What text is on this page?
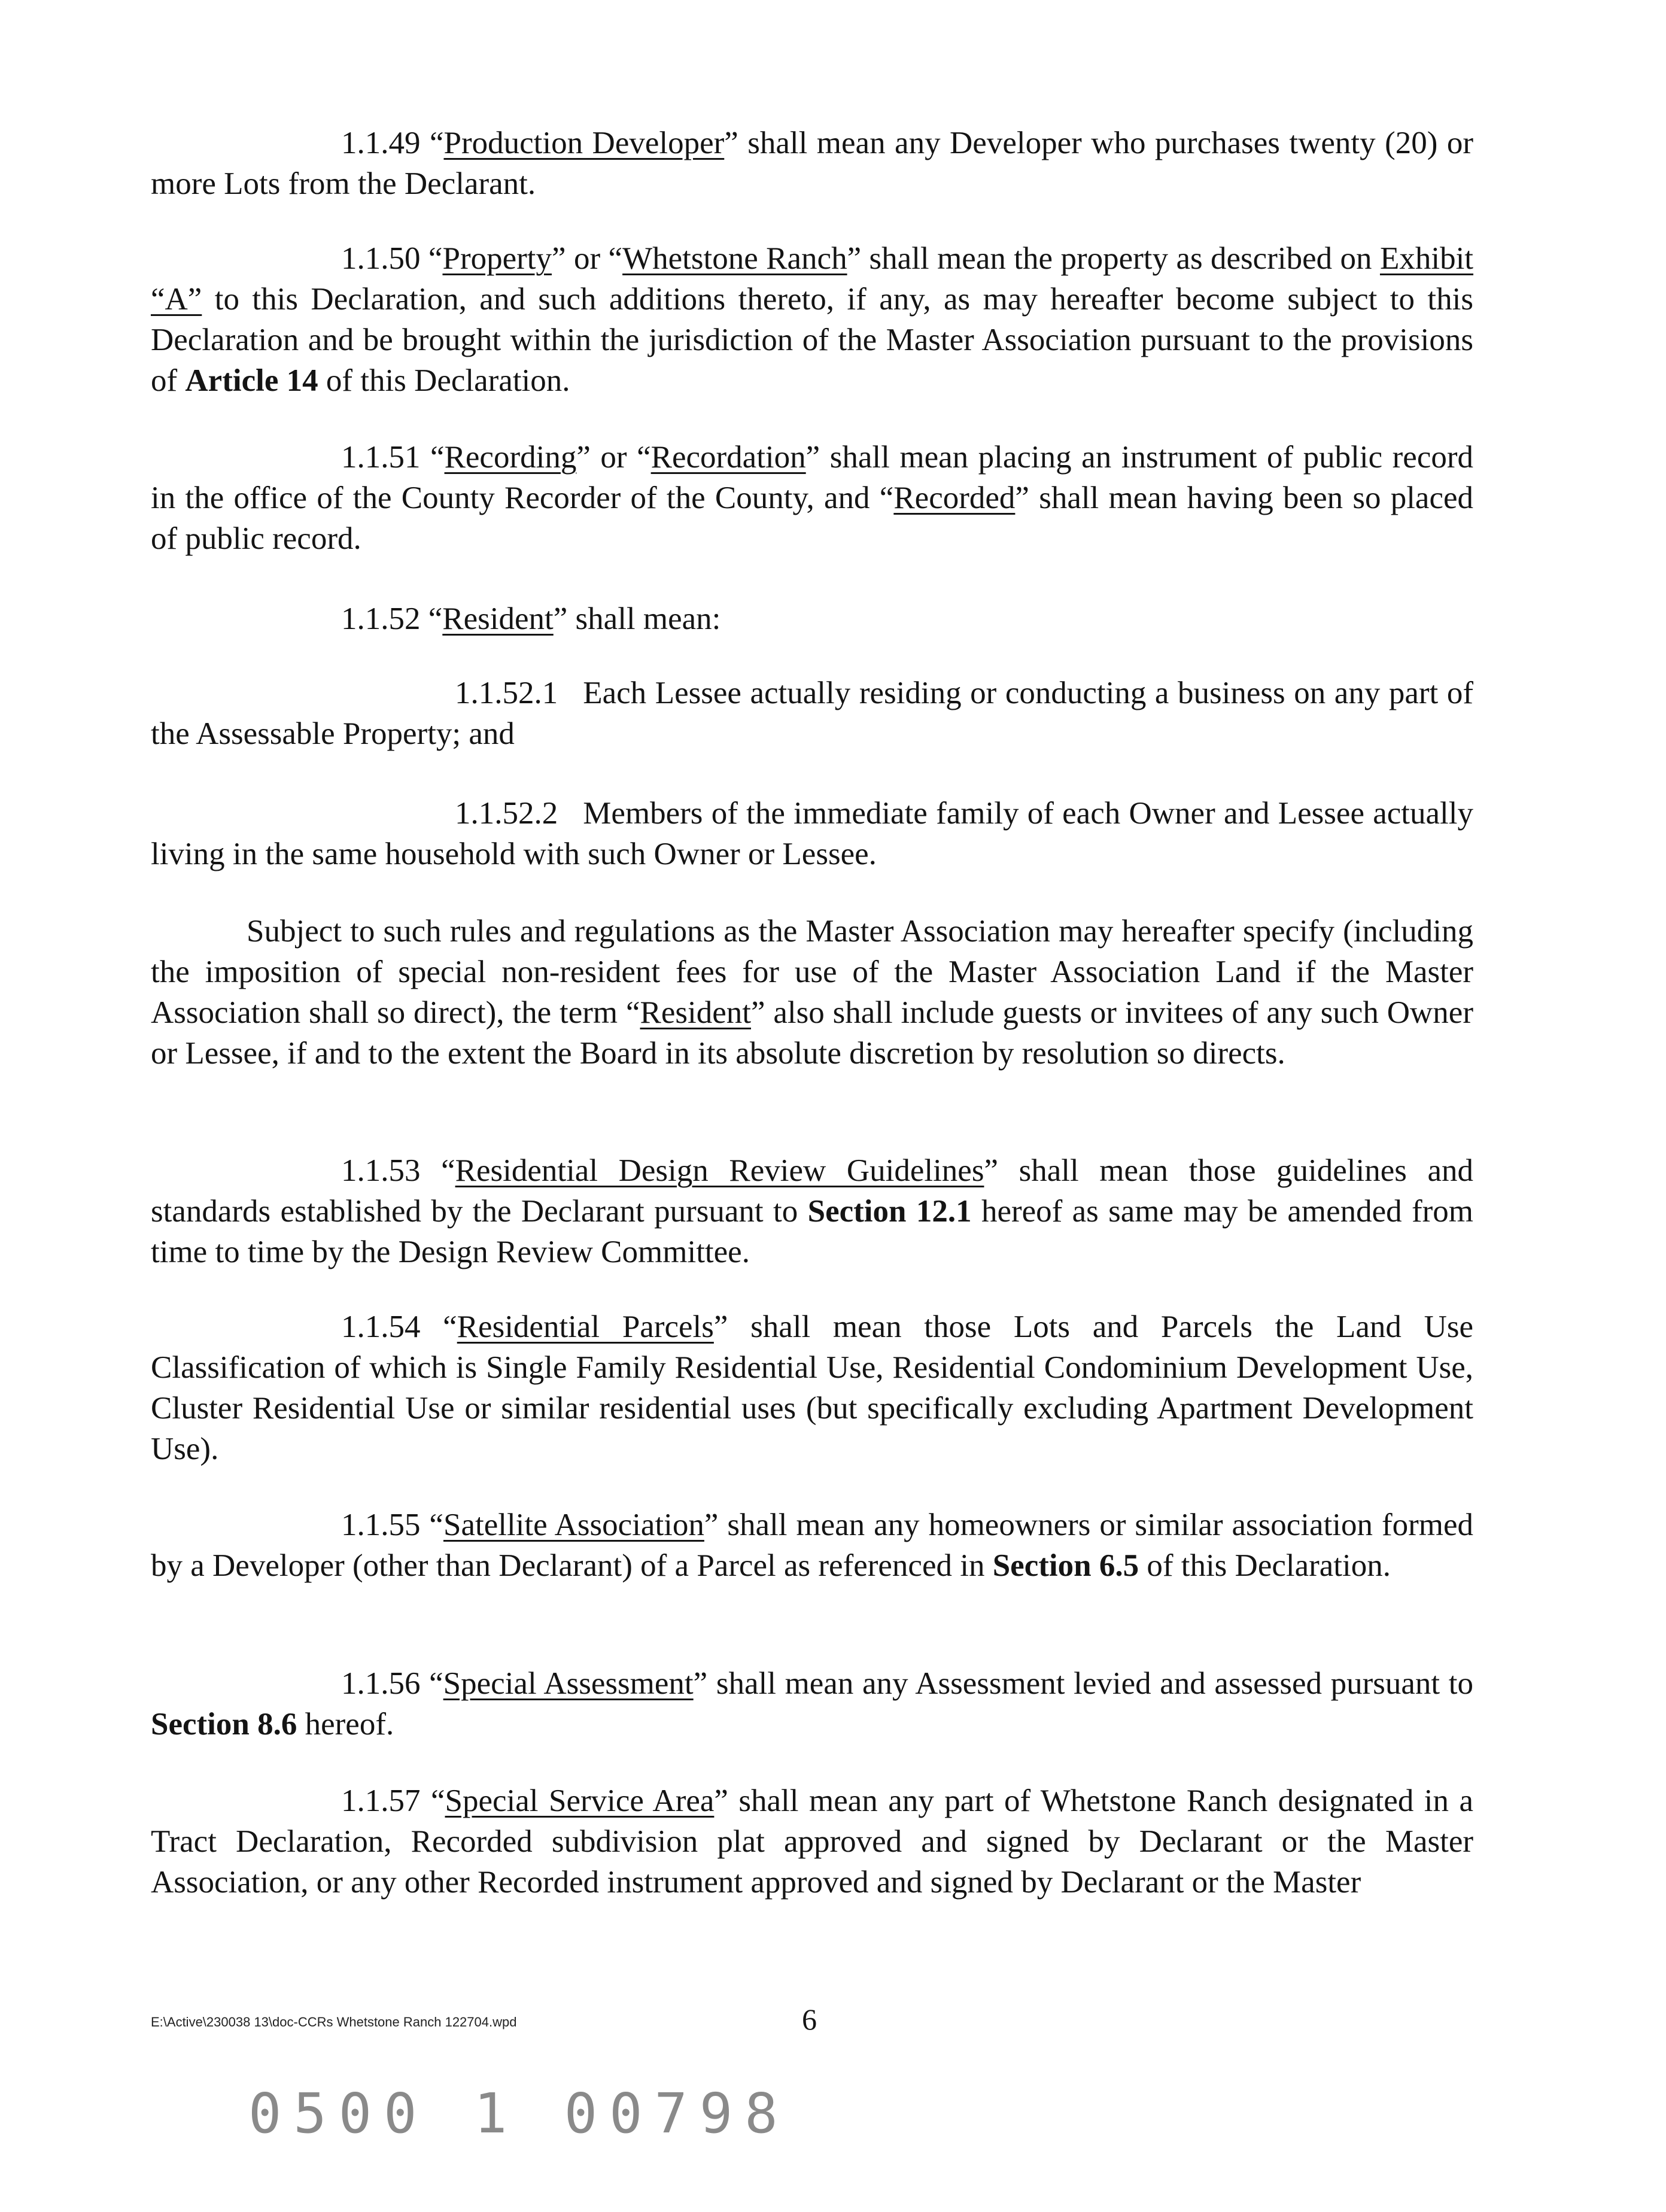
1.1.49 “Production Developer” shall mean any Developer who purchases twenty (20) or more Lots from the Declarant.

1.1.50 “Property” or “Whetstone Ranch” shall mean the property as described on Exhibit “A” to this Declaration, and such additions thereto, if any, as may hereafter become subject to this Declaration and be brought within the jurisdiction of the Master Association pursuant to the provisions of Article 14 of this Declaration.

1.1.51 “Recording” or “Recordation” shall mean placing an instrument of public record in the office of the County Recorder of the County, and “Recorded” shall mean having been so placed of public record.

1.1.52 “Resident” shall mean:

1.1.52.1 Each Lessee actually residing or conducting a business on any part of the Assessable Property; and

1.1.52.2 Members of the immediate family of each Owner and Lessee actually living in the same household with such Owner or Lessee.

Subject to such rules and regulations as the Master Association may hereafter specify (including the imposition of special non-resident fees for use of the Master Association Land if the Master Association shall so direct), the term “Resident” also shall include guests or invitees of any such Owner or Lessee, if and to the extent the Board in its absolute discretion by resolution so directs.

1.1.53 “Residential Design Review Guidelines” shall mean those guidelines and standards established by the Declarant pursuant to Section 12.1 hereof as same may be amended from time to time by the Design Review Committee.

1.1.54 “Residential Parcels” shall mean those Lots and Parcels the Land Use Classification of which is Single Family Residential Use, Residential Condominium Development Use, Cluster Residential Use or similar residential uses (but specifically excluding Apartment Development Use).

1.1.55 “Satellite Association” shall mean any homeowners or similar association formed by a Developer (other than Declarant) of a Parcel as referenced in Section 6.5 of this Declaration.

1.1.56 “Special Assessment” shall mean any Assessment levied and assessed pursuant to Section 8.6 hereof.

1.1.57 “Special Service Area” shall mean any part of Whetstone Ranch designated in a Tract Declaration, Recorded subdivision plat approved and signed by Declarant or the Master Association, or any other Recorded instrument approved and signed by Declarant or the Master

E:\Active\230038 13\doc-CCRs Whetstone Ranch 122704.wpd	6
0500 1 00798
